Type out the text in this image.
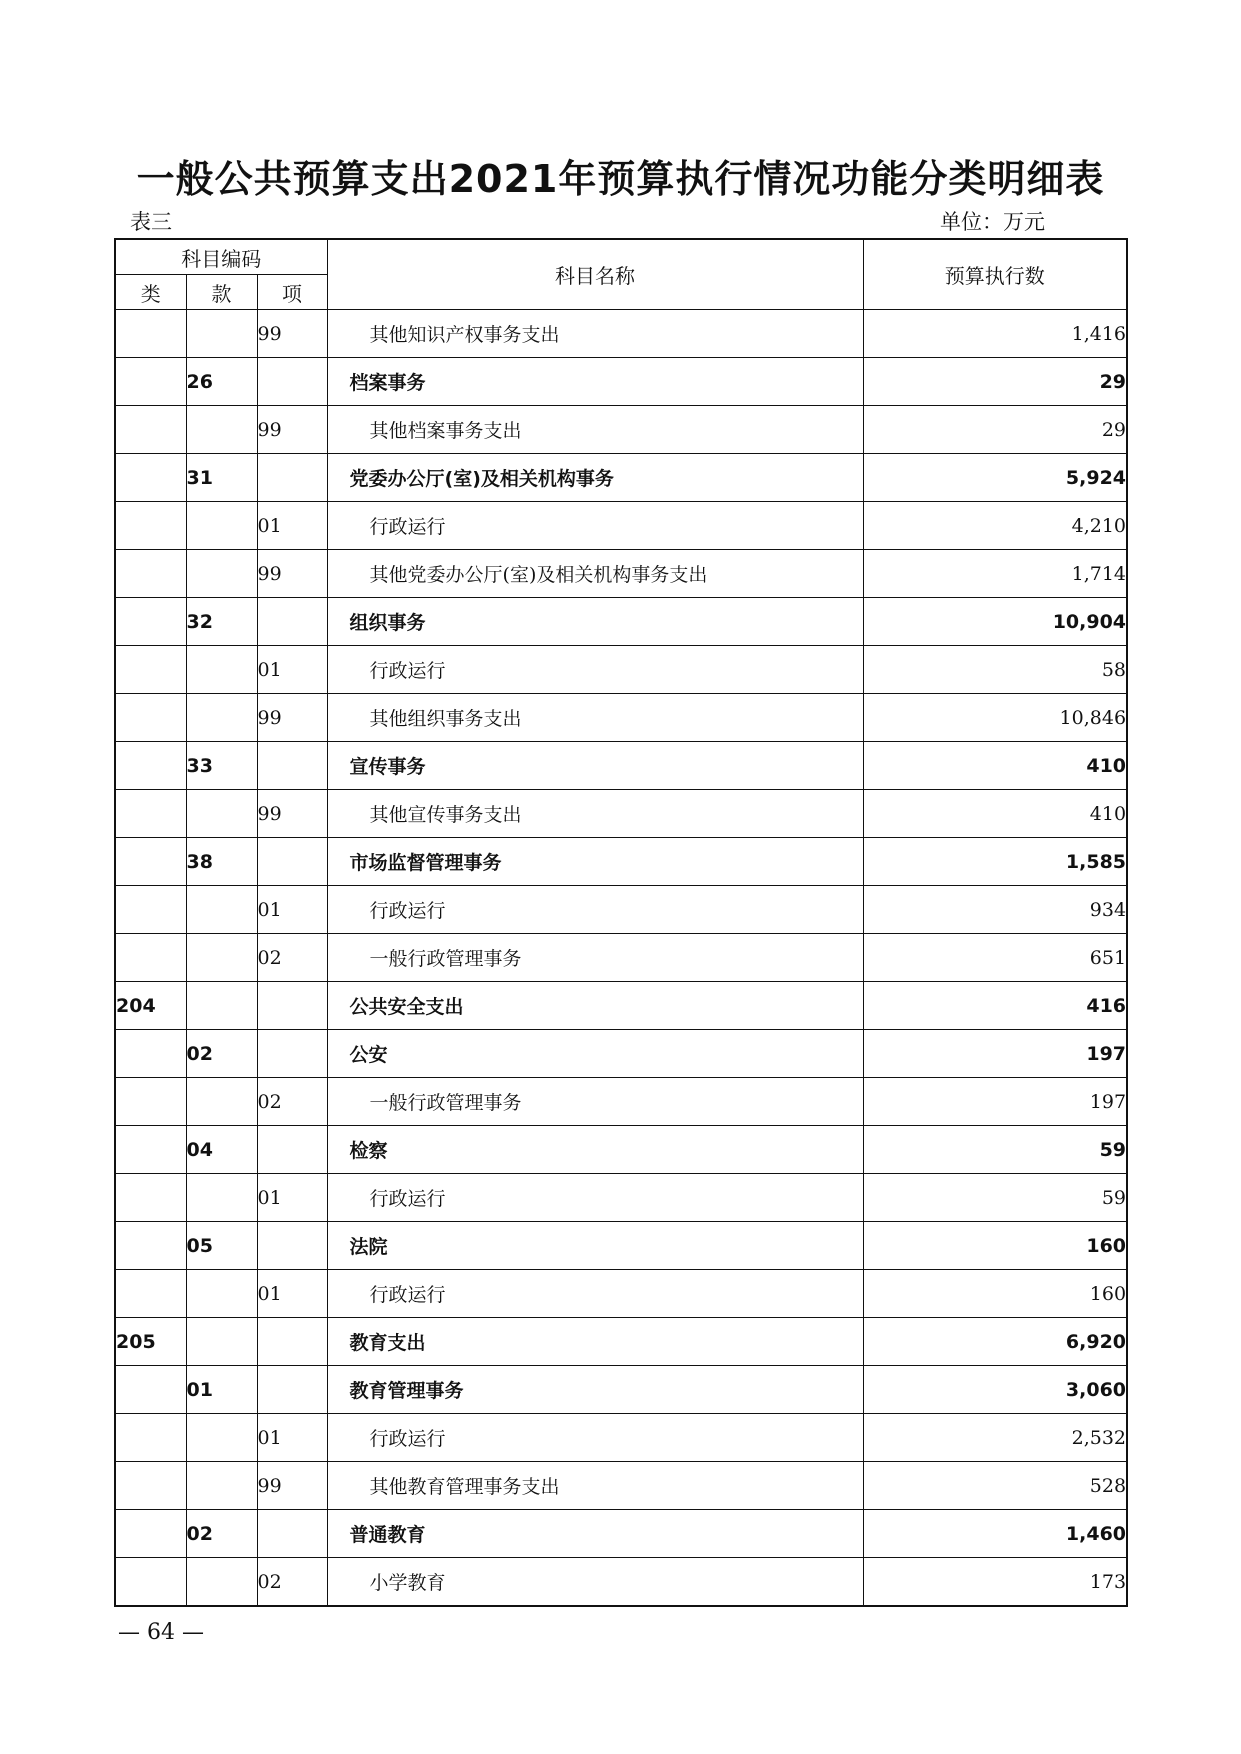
一般公共预算支出2021年预算执行情况功能分类明细表
表三	单位：万元
科目编码			科目名称	预算执行数
类	款	项		
		99	其他知识产权事务支出	1,416
	26		档案事务	29
		99	其他档案事务支出	29
	31		党委办公厅(室)及相关机构事务	5,924
		01	行政运行	4,210
		99	其他党委办公厅(室)及相关机构事务支出	1,714
	32		组织事务	10,904
		01	行政运行	58
		99	其他组织事务支出	10,846
	33		宣传事务	410
		99	其他宣传事务支出	410
	38		市场监督管理事务	1,585
		01	行政运行	934
		02	一般行政管理事务	651
204			公共安全支出	416
	02		公安	197
		02	一般行政管理事务	197
	04		检察	59
		01	行政运行	59
	05		法院	160
		01	行政运行	160
205			教育支出	6,920
	01		教育管理事务	3,060
		01	行政运行	2,532
		99	其他教育管理事务支出	528
	02		普通教育	1,460
		02	小学教育	173
— 64 —
